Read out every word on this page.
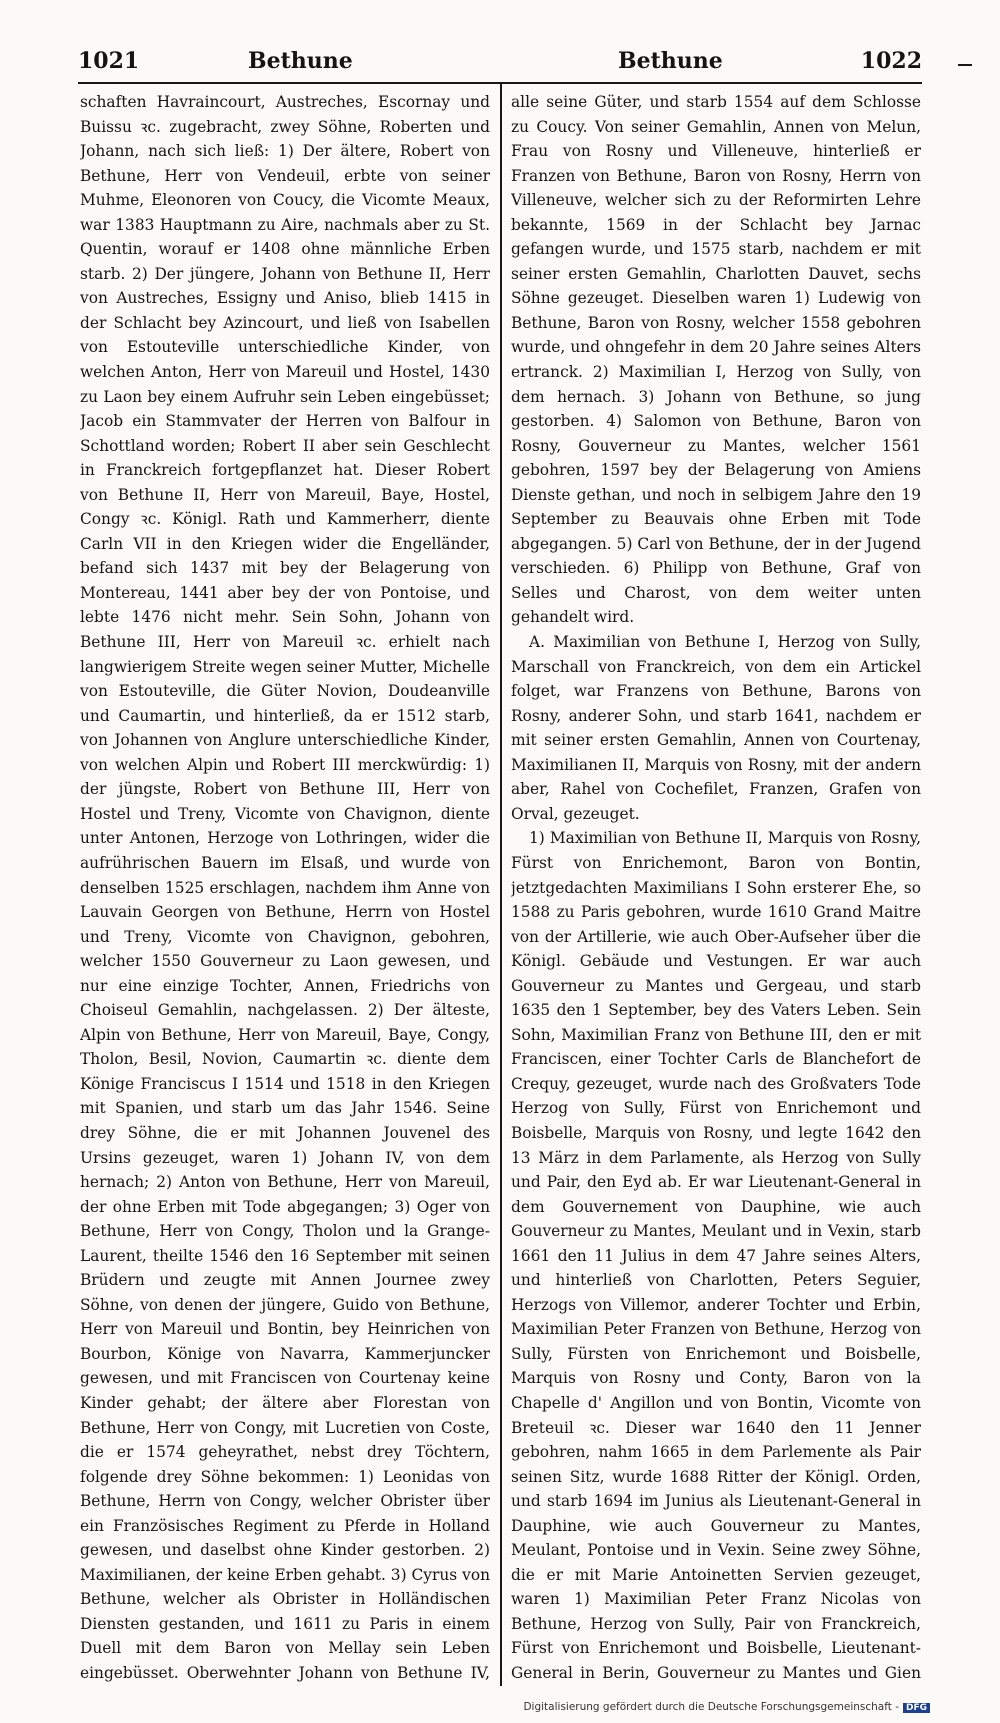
1021	Bethune	Bethune	1022

schaften Havraincourt, Austreches, Escornay und Buissu ꝛc. zugebracht, zwey Söhne, Roberten und Johann, nach sich ließ: 1) Der ältere, Robert von Bethune, Herr von Vendeuil, erbte von seiner Muhme, Eleonoren von Coucy, die Vicomte Meaux, war 1383 Hauptmann zu Aire, nachmals aber zu St. Quentin, worauf er 1408 ohne männliche Erben starb. 2) Der jüngere, Johann von Bethune II, Herr von Austreches, Essigny und Aniso, blieb 1415 in der Schlacht bey Azincourt, und ließ von Isabellen von Estouteville unterschiedliche Kinder, von welchen Anton, Herr von Mareuil und Hostel, 1430 zu Laon bey einem Aufruhr sein Leben eingebüsset; Jacob ein Stammvater der Herren von Balfour in Schottland worden; Robert II aber sein Geschlecht in Franckreich fortgepflanzet hat. Dieser Robert von Bethune II, Herr von Mareuil, Baye, Hostel, Congy ꝛc. Königl. Rath und Kammerherr, diente Carln VII in den Kriegen wider die Engelländer, befand sich 1437 mit bey der Belagerung von Montereau, 1441 aber bey der von Pontoise, und lebte 1476 nicht mehr. Sein Sohn, Johann von Bethune III, Herr von Mareuil ꝛc. erhielt nach langwierigem Streite wegen seiner Mutter, Michelle von Estouteville, die Güter Novion, Doudeanville und Caumartin, und hinterließ, da er 1512 starb, von Johannen von Anglure unterschiedliche Kinder, von welchen Alpin und Robert III merckwürdig: 1) der jüngste, Robert von Bethune III, Herr von Hostel und Treny, Vicomte von Chavignon, diente unter Antonen, Herzoge von Lothringen, wider die aufrührischen Bauern im Elsaß, und wurde von denselben 1525 erschlagen, nachdem ihm Anne von Lauvain Georgen von Bethune, Herrn von Hostel und Treny, Vicomte von Chavignon, gebohren, welcher 1550 Gouverneur zu Laon gewesen, und nur eine einzige Tochter, Annen, Friedrichs von Choiseul Gemahlin, nachgelassen. 2) Der älteste, Alpin von Bethune, Herr von Mareuil, Baye, Congy, Tholon, Besil, Novion, Caumartin ꝛc. diente dem Könige Franciscus I 1514 und 1518 in den Kriegen mit Spanien, und starb um das Jahr 1546. Seine drey Söhne, die er mit Johannen Jouvenel des Ursins gezeuget, waren 1) Johann IV, von dem hernach; 2) Anton von Bethune, Herr von Mareuil, der ohne Erben mit Tode abgegangen; 3) Oger von Bethune, Herr von Congy, Tholon und la Grange-Laurent, theilte 1546 den 16 September mit seinen Brüdern und zeugte mit Annen Journee zwey Söhne, von denen der jüngere, Guido von Bethune, Herr von Mareuil und Bontin, bey Heinrichen von Bourbon, Könige von Navarra, Kammerjuncker gewesen, und mit Franciscen von Courtenay keine Kinder gehabt; der ältere aber Florestan von Bethune, Herr von Congy, mit Lucretien von Coste, die er 1574 geheyrathet, nebst drey Töchtern, folgende drey Söhne bekommen: 1) Leonidas von Bethune, Herrn von Congy, welcher Obrister über ein Französisches Regiment zu Pferde in Holland gewesen, und daselbst ohne Kinder gestorben. 2) Maximilianen, der keine Erben gehabt. 3) Cyrus von Bethune, welcher als Obrister in Holländischen Diensten gestanden, und 1611 zu Paris in einem Duell mit dem Baron von Mellay sein Leben eingebüsset. Oberwehnter Johann von Bethune IV,

alle seine Güter, und starb 1554 auf dem Schlosse zu Coucy. Von seiner Gemahlin, Annen von Melun, Frau von Rosny und Villeneuve, hinterließ er Franzen von Bethune, Baron von Rosny, Herrn von Villeneuve, welcher sich zu der Reformirten Lehre bekannte, 1569 in der Schlacht bey Jarnac gefangen wurde, und 1575 starb, nachdem er mit seiner ersten Gemahlin, Charlotten Dauvet, sechs Söhne gezeuget. Dieselben waren 1) Ludewig von Bethune, Baron von Rosny, welcher 1558 gebohren wurde, und ohngefehr in dem 20 Jahre seines Alters ertranck. 2) Maximilian I, Herzog von Sully, von dem hernach. 3) Johann von Bethune, so jung gestorben. 4) Salomon von Bethune, Baron von Rosny, Gouverneur zu Mantes, welcher 1561 gebohren, 1597 bey der Belagerung von Amiens Dienste gethan, und noch in selbigem Jahre den 19 September zu Beauvais ohne Erben mit Tode abgegangen. 5) Carl von Bethune, der in der Jugend verschieden. 6) Philipp von Bethune, Graf von Selles und Charost, von dem weiter unten gehandelt wird.

A. Maximilian von Bethune I, Herzog von Sully, Marschall von Franckreich, von dem ein Artickel folget, war Franzens von Bethune, Barons von Rosny, anderer Sohn, und starb 1641, nachdem er mit seiner ersten Gemahlin, Annen von Courtenay, Maximilianen II, Marquis von Rosny, mit der andern aber, Rahel von Cochefilet, Franzen, Grafen von Orval, gezeuget.

1) Maximilian von Bethune II, Marquis von Rosny, Fürst von Enrichemont, Baron von Bontin, jetztgedachten Maximilians I Sohn ersterer Ehe, so 1588 zu Paris gebohren, wurde 1610 Grand Maitre von der Artillerie, wie auch Ober-Aufseher über die Königl. Gebäude und Vestungen. Er war auch Gouverneur zu Mantes und Gergeau, und starb 1635 den 1 September, bey des Vaters Leben. Sein Sohn, Maximilian Franz von Bethune III, den er mit Franciscen, einer Tochter Carls de Blanchefort de Crequy, gezeuget, wurde nach des Großvaters Tode Herzog von Sully, Fürst von Enrichemont und Boisbelle, Marquis von Rosny, und legte 1642 den 13 März in dem Parlamente, als Herzog von Sully und Pair, den Eyd ab. Er war Lieutenant-General in dem Gouvernement von Dauphine, wie auch Gouverneur zu Mantes, Meulant und in Vexin, starb 1661 den 11 Julius in dem 47 Jahre seines Alters, und hinterließ von Charlotten, Peters Seguier, Herzogs von Villemor, anderer Tochter und Erbin, Maximilian Peter Franzen von Bethune, Herzog von Sully, Fürsten von Enrichemont und Boisbelle, Marquis von Rosny und Conty, Baron von la Chapelle d' Angillon und von Bontin, Vicomte von Breteuil ꝛc. Dieser war 1640 den 11 Jenner gebohren, nahm 1665 in dem Parlemente als Pair seinen Sitz, wurde 1688 Ritter der Königl. Orden, und starb 1694 im Junius als Lieutenant-General in Dauphine, wie auch Gouverneur zu Mantes, Meulant, Pontoise und in Vexin. Seine zwey Söhne, die er mit Marie Antoinetten Servien gezeuget, waren 1) Maximilian Peter Franz Nicolas von Bethune, Herzog von Sully, Pair von Franckreich, Fürst von Enrichemont und Boisbelle, Lieutenant-General in Berin, Gouverneur zu Mantes und Gien

Digitalisierung gefördert durch die Deutsche Forschungsgemeinschaft - DFG
